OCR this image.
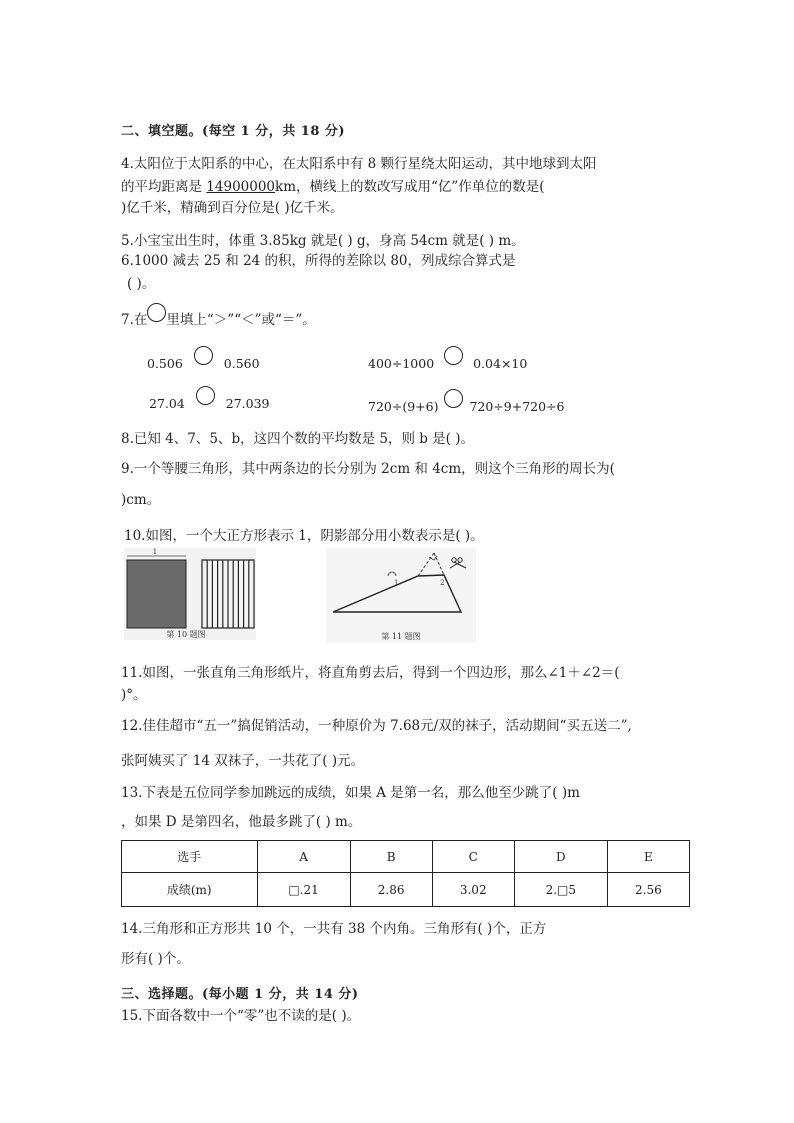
二、填空题。(每空 1 分，共 18 分)
4.太阳位于太阳系的中心，在太阳系中有 8 颗行星绕太阳运动，其中地球到太阳
的平均距离是 14900000km，横线上的数改写成用“亿”作单位的数是(
)亿千米，精确到百分位是( )亿千米。
5.小宝宝出生时，体重 3.85kg 就是( ) g，身高 54cm 就是( ) m。
6.1000 减去 25 和 24 的积，所得的差除以 80，列成综合算式是
( )。
7.在 里填上“＞”“＜”或“＝”。
0.506	0.560	400÷1000	0.04×10
27.04	27.039	720÷(9+6) 720÷9+720÷6
8.已知 4、7、5、b，这四个数的平均数是 5，则 b 是( )。
9.一个等腰三角形，其中两条边的长分别为 2cm 和 4cm，则这个三角形的周长为(
)cm。
10.如图，一个大正方形表示 1，阴影部分用小数表示是( )。
1
第 10 题图
1	2
第 11 题图
11.如图，一张直角三角形纸片，将直角剪去后，得到一个四边形，那么∠1＋∠2＝(
)°。
12.佳佳超市“五一”搞促销活动，一种原价为 7.68元/双的袜子，活动期间“买五送二”,
张阿姨买了 14 双袜子，一共花了( )元。
13.下表是五位同学参加跳远的成绩，如果 A 是第一名，那么他至少跳了( )m
，如果 D 是第四名，他最多跳了( ) m。
选手	A	B	C	D	E
成绩(m)	□.21	2.86	3.02	2.□5	2.56
14.三角形和正方形共 10 个，一共有 38 个内角。三角形有( )个，正方
形有( )个。
三、选择题。(每小题 1 分，共 14 分)
15.下面各数中一个“零”也不读的是( )。
